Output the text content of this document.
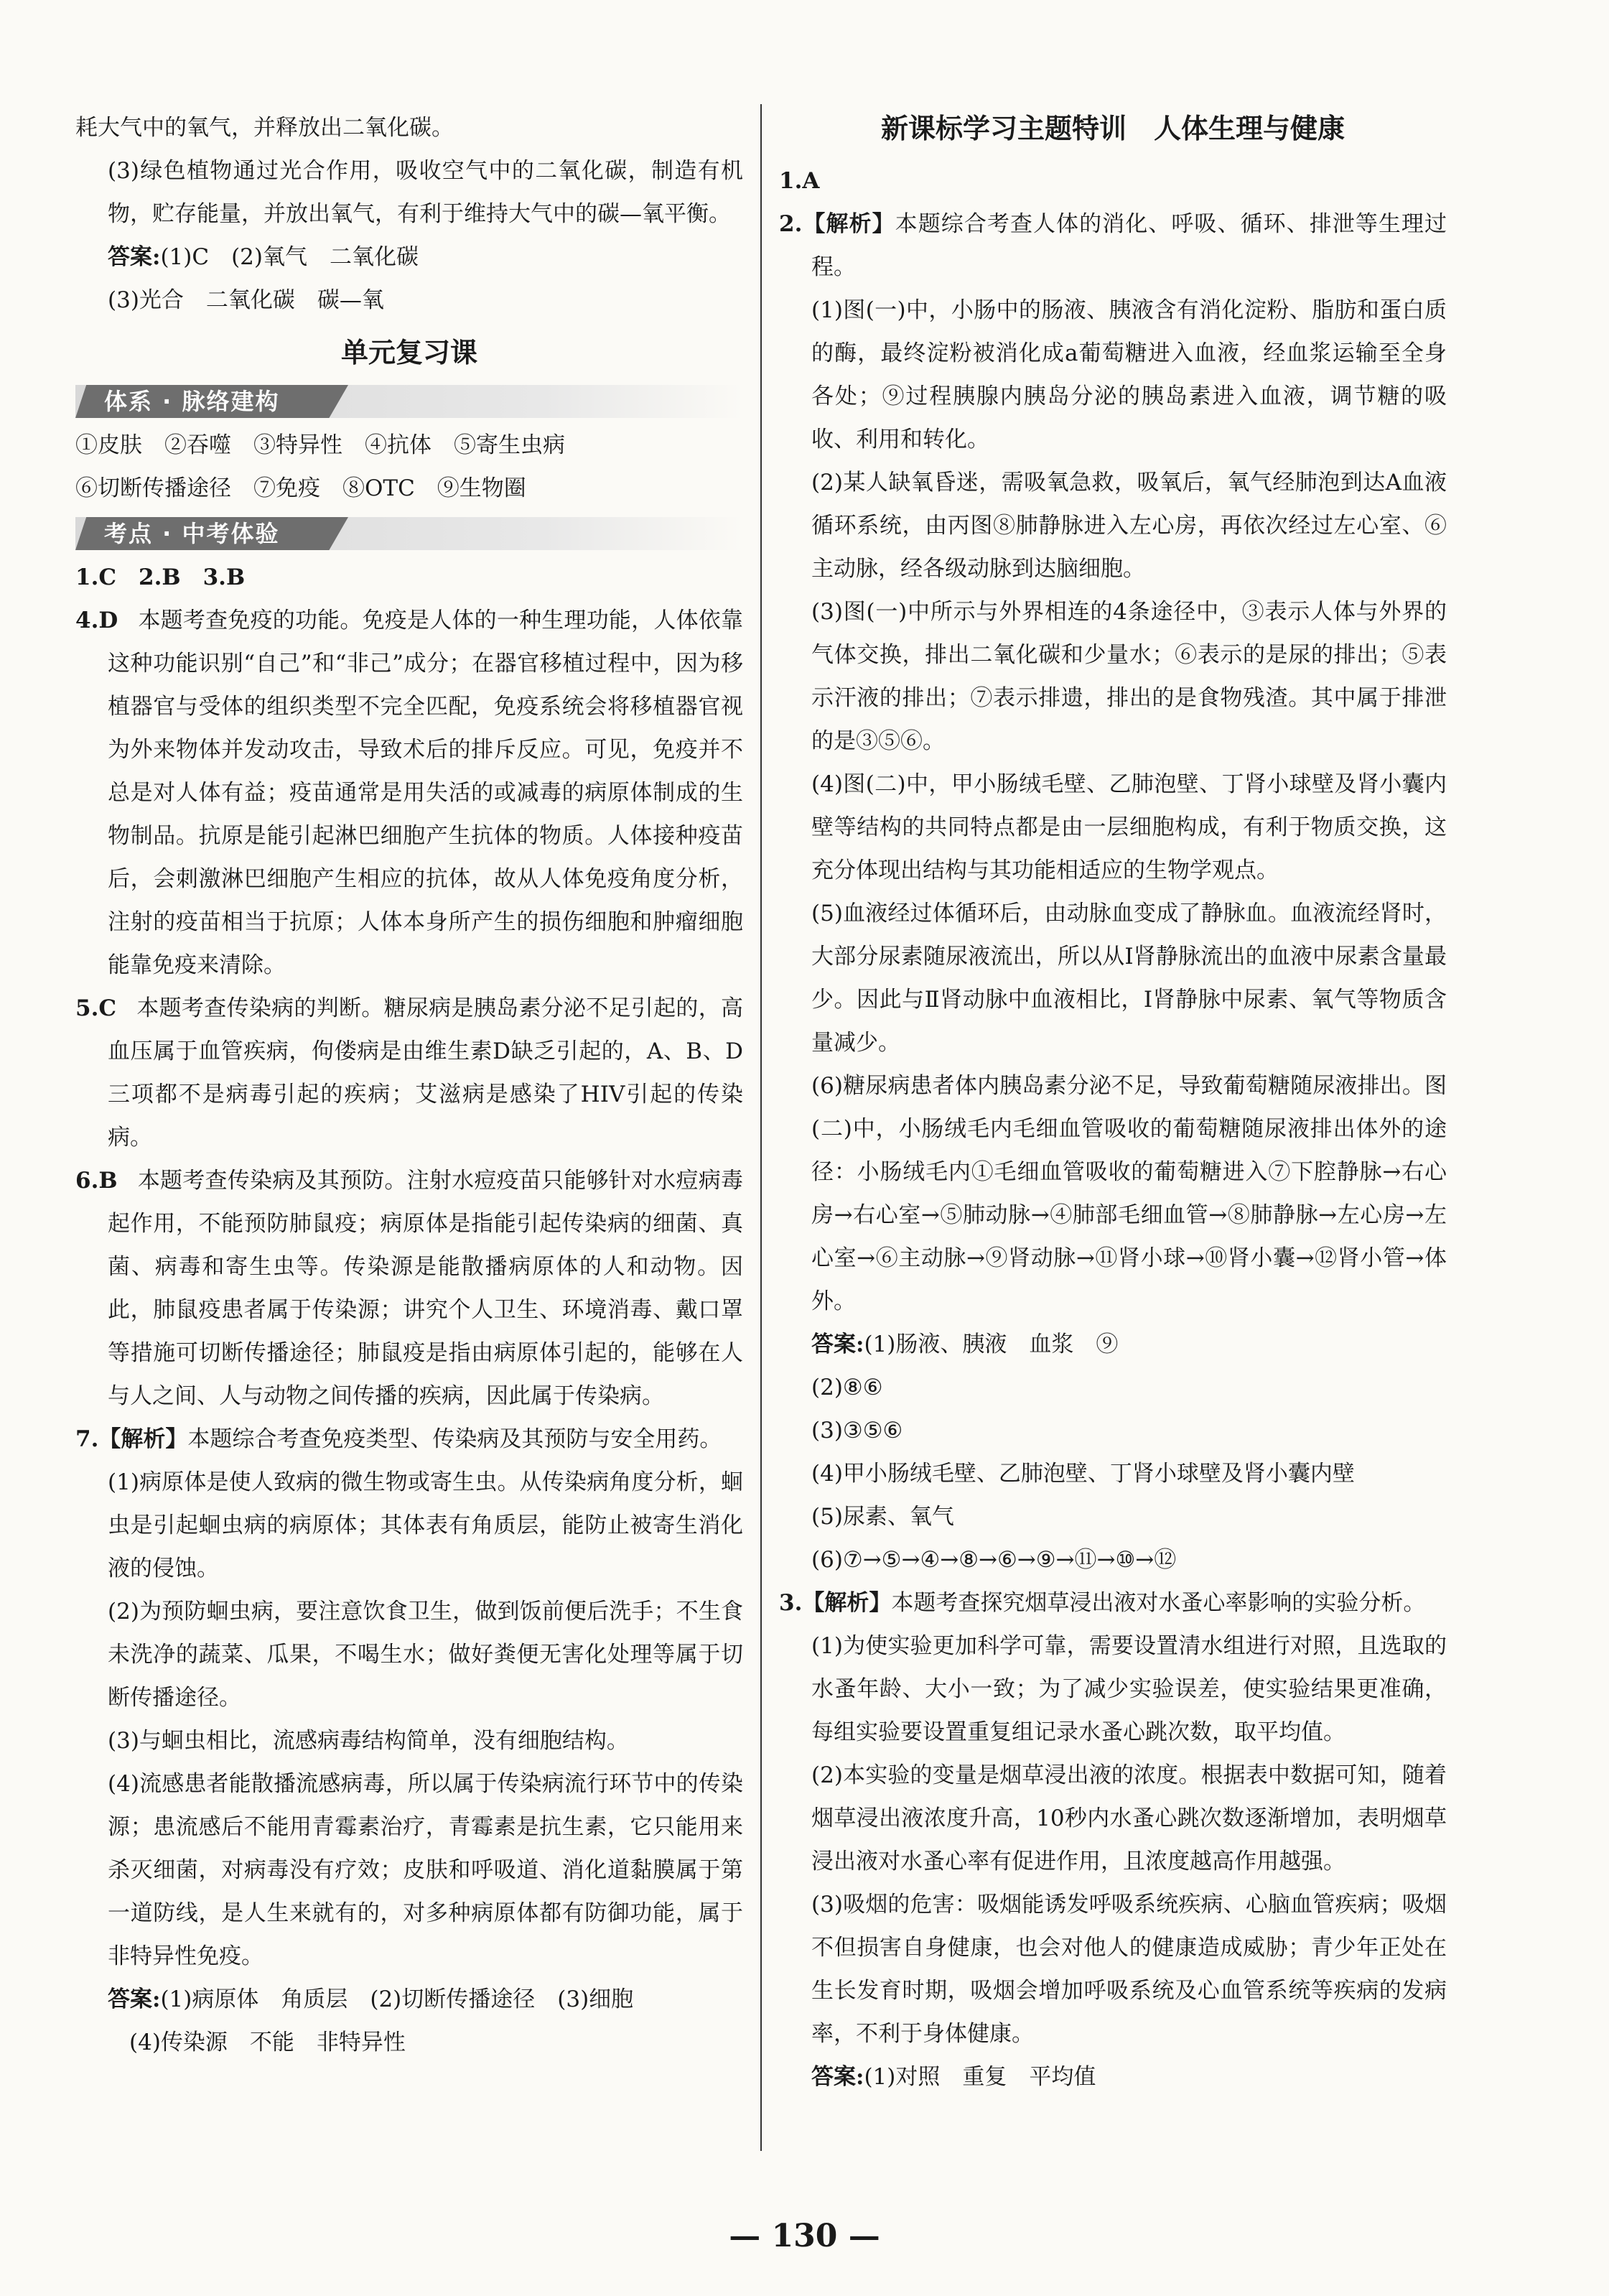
耗大气中的氧气，并释放出二氧化碳。

(3)绿色植物通过光合作用，吸收空气中的二氧化碳，制造有机物，贮存能量，并放出氧气，有利于维持大气中的碳—氧平衡。

答案:(1)C　(2)氧气　二氧化碳

(3)光合　二氧化碳　碳—氧

单元复习课
体系 · 脉络建构

①皮肤　②吞噬　③特异性　④抗体　⑤寄生虫病

⑥切断传播途径　⑦免疫　⑧OTC　⑨生物圈

考点 · 中考体验

1.C　2.B　3.B

4.D 本题考查免疫的功能。免疫是人体的一种生理功能，人体依靠这种功能识别“自己”和“非己”成分；在器官移植过程中，因为移植器官与受体的组织类型不完全匹配，免疫系统会将移植器官视为外来物体并发动攻击，导致术后的排斥反应。可见，免疫并不总是对人体有益；疫苗通常是用失活的或减毒的病原体制成的生物制品。抗原是能引起淋巴细胞产生抗体的物质。人体接种疫苗后，会刺激淋巴细胞产生相应的抗体，故从人体免疫角度分析，注射的疫苗相当于抗原；人体本身所产生的损伤细胞和肿瘤细胞能靠免疫来清除。

5.C 本题考查传染病的判断。糖尿病是胰岛素分泌不足引起的，高血压属于血管疾病，佝偻病是由维生素D缺乏引起的，A、B、D三项都不是病毒引起的疾病；艾滋病是感染了HIV引起的传染病。

6.B 本题考查传染病及其预防。注射水痘疫苗只能够针对水痘病毒起作用，不能预防肺鼠疫；病原体是指能引起传染病的细菌、真菌、病毒和寄生虫等。传染源是能散播病原体的人和动物。因此，肺鼠疫患者属于传染源；讲究个人卫生、环境消毒、戴口罩等措施可切断传播途径；肺鼠疫是指由病原体引起的，能够在人与人之间、人与动物之间传播的疾病，因此属于传染病。

7.【解析】本题综合考查免疫类型、传染病及其预防与安全用药。

(1)病原体是使人致病的微生物或寄生虫。从传染病角度分析，蛔虫是引起蛔虫病的病原体；其体表有角质层，能防止被寄生消化液的侵蚀。

(2)为预防蛔虫病，要注意饮食卫生，做到饭前便后洗手；不生食未洗净的蔬菜、瓜果，不喝生水；做好粪便无害化处理等属于切断传播途径。

(3)与蛔虫相比，流感病毒结构简单，没有细胞结构。

(4)流感患者能散播流感病毒，所以属于传染病流行环节中的传染源；患流感后不能用青霉素治疗，青霉素是抗生素，它只能用来杀灭细菌，对病毒没有疗效；皮肤和呼吸道、消化道黏膜属于第一道防线，是人生来就有的，对多种病原体都有防御功能，属于非特异性免疫。

答案:(1)病原体　角质层　(2)切断传播途径　(3)细胞

(4)传染源　不能　非特异性

新课标学习主题特训　人体生理与健康

1.A

2.【解析】本题综合考查人体的消化、呼吸、循环、排泄等生理过程。

(1)图(一)中，小肠中的肠液、胰液含有消化淀粉、脂肪和蛋白质的酶，最终淀粉被消化成a葡萄糖进入血液，经血浆运输至全身各处；⑨过程胰腺内胰岛分泌的胰岛素进入血液，调节糖的吸收、利用和转化。

(2)某人缺氧昏迷，需吸氧急救，吸氧后，氧气经肺泡到达A血液循环系统，由丙图⑧肺静脉进入左心房，再依次经过左心室、⑥主动脉，经各级动脉到达脑细胞。

(3)图(一)中所示与外界相连的4条途径中，③表示人体与外界的气体交换，排出二氧化碳和少量水；⑥表示的是尿的排出；⑤表示汗液的排出；⑦表示排遗，排出的是食物残渣。其中属于排泄的是③⑤⑥。

(4)图(二)中，甲小肠绒毛壁、乙肺泡壁、丁肾小球壁及肾小囊内壁等结构的共同特点都是由一层细胞构成，有利于物质交换，这充分体现出结构与其功能相适应的生物学观点。

(5)血液经过体循环后，由动脉血变成了静脉血。血液流经肾时，大部分尿素随尿液流出，所以从Ⅰ肾静脉流出的血液中尿素含量最少。因此与Ⅱ肾动脉中血液相比，Ⅰ肾静脉中尿素、氧气等物质含量减少。

(6)糖尿病患者体内胰岛素分泌不足，导致葡萄糖随尿液排出。图(二)中，小肠绒毛内毛细血管吸收的葡萄糖随尿液排出体外的途径：小肠绒毛内①毛细血管吸收的葡萄糖进入⑦下腔静脉→右心房→右心室→⑤肺动脉→④肺部毛细血管→⑧肺静脉→左心房→左心室→⑥主动脉→⑨肾动脉→⑪肾小球→⑩肾小囊→⑫肾小管→体外。

答案:(1)肠液、胰液　血浆　⑨

(2)⑧⑥

(3)③⑤⑥

(4)甲小肠绒毛壁、乙肺泡壁、丁肾小球壁及肾小囊内壁

(5)尿素、氧气

(6)⑦→⑤→④→⑧→⑥→⑨→⑪→⑩→⑫

3.【解析】本题考查探究烟草浸出液对水蚤心率影响的实验分析。

(1)为使实验更加科学可靠，需要设置清水组进行对照，且选取的水蚤年龄、大小一致；为了减少实验误差，使实验结果更准确，每组实验要设置重复组记录水蚤心跳次数，取平均值。

(2)本实验的变量是烟草浸出液的浓度。根据表中数据可知，随着烟草浸出液浓度升高，10秒内水蚤心跳次数逐渐增加，表明烟草浸出液对水蚤心率有促进作用，且浓度越高作用越强。

(3)吸烟的危害：吸烟能诱发呼吸系统疾病、心脑血管疾病；吸烟不但损害自身健康，也会对他人的健康造成威胁；青少年正处在生长发育时期，吸烟会增加呼吸系统及心血管系统等疾病的发病率，不利于身体健康。

答案:(1)对照　重复　平均值

— 130 —
